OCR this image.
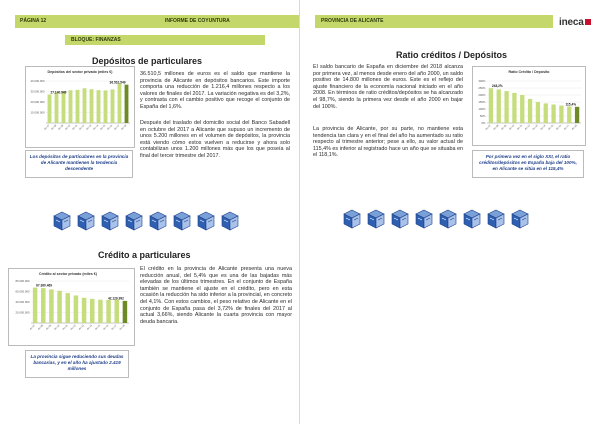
PÁGINA 12	INFORME DE COYUNTURA
BLOQUE: FINANZAS
Depósitos de particulares
Depósitos del sector privado (miles €)
40.000.000
30.000.000
20.000.000
10.000.000
dic-07 dic-08 dic-09 dic-10 dic-11 dic-12 dic-13 dic-14 dic-15 dic-16 dic-17 dic-18
27.140.949
36.510.549
Los depósitos de particulares en la provincia de Alicante mantienen la tendencia descendente

36.510,5 millones de euros es el saldo que mantiene la provincia de Alicante en depósitos bancarios. Este importe comporta una reducción de 1.216,4 millones respecto a los valores de finales del 2017. La variación negativa es del 3,2%, y contrasta con el cambio positivo que recoge el conjunto de España del 1,6%.

Después del traslado del domicilio social del Banco Sabadell en octubre del 2017 a Alicante que supuso un incremento de unos 5.200 millones en el volumen de depósitos, la provincia está viendo cómo estos vuelven a reducirse y ahora solo contabilizan unos 1.200 millones más que los que poseía al final del tercer trimestre del 2017.

Crédito a particulares
Crédito al sector privado (miles €)
80.000.000
60.000.000
40.000.000
20.000.000
dic-07 dic-08 dic-09 dic-10 dic-11 dic-12 dic-13 dic-14 dic-15 dic-16 dic-17 dic-18
67.380.469
42.129.992
La provincia sigue reduciendo sus deudas bancarias, y en el año ha ajustado 2.419 millones

El crédito en la provincia de Alicante presenta una nueva reducción anual, del 5,4% que es una de las bajadas más elevadas de los últimos trimestres. En el conjunto de España también se mantiene el ajuste en el crédito, pero en esta ocasión la reducción ha sido inferior a la provincial, en concreto del 4,1%. Con estos cambios, el peso relativo de Alicante en el conjunto de España pasa del 3,72% de finales del 2017 al actual 3,66%, siendo Alicante la cuarta provincia con mayor deuda bancaria.

PROVINCIA DE ALICANTE	ineca
Ratio créditos / Depósitos

El saldo bancario de España en diciembre del 2018 alcanza por primera vez, al menos desde enero del año 2000, un saldo positivo de 14.800 millones de euros. Este es el reflejo del ajuste financiero de la economía nacional iniciado en el año 2008. En términos de ratio créditos/depósitos se ha alcanzado el 98,7%, siendo la primera vez desde el año 2000 en bajar del 100%.

La provincia de Alicante, por su parte, no mantiene esta tendencia tan clara y en el final del año ha aumentado su ratio respecto al trimestre anterior; pese a ello, su valor actual de 115,4% es inferior al registrado hace un año que se situaba en el 118,1%.

Ratio Crédito / Depósito
300%
250%
200%
150%
100%
50%
0%
dic-07 dic-08 dic-09 dic-10 dic-11 dic-12 dic-13 dic-14 dic-15 dic-16 dic-17 dic-18
248,2%
115,4%
Por primera vez en el siglo XXI, el ratio créditos/depósitos en España baja del 100%, en Alicante se sitúa en el 115,4%
